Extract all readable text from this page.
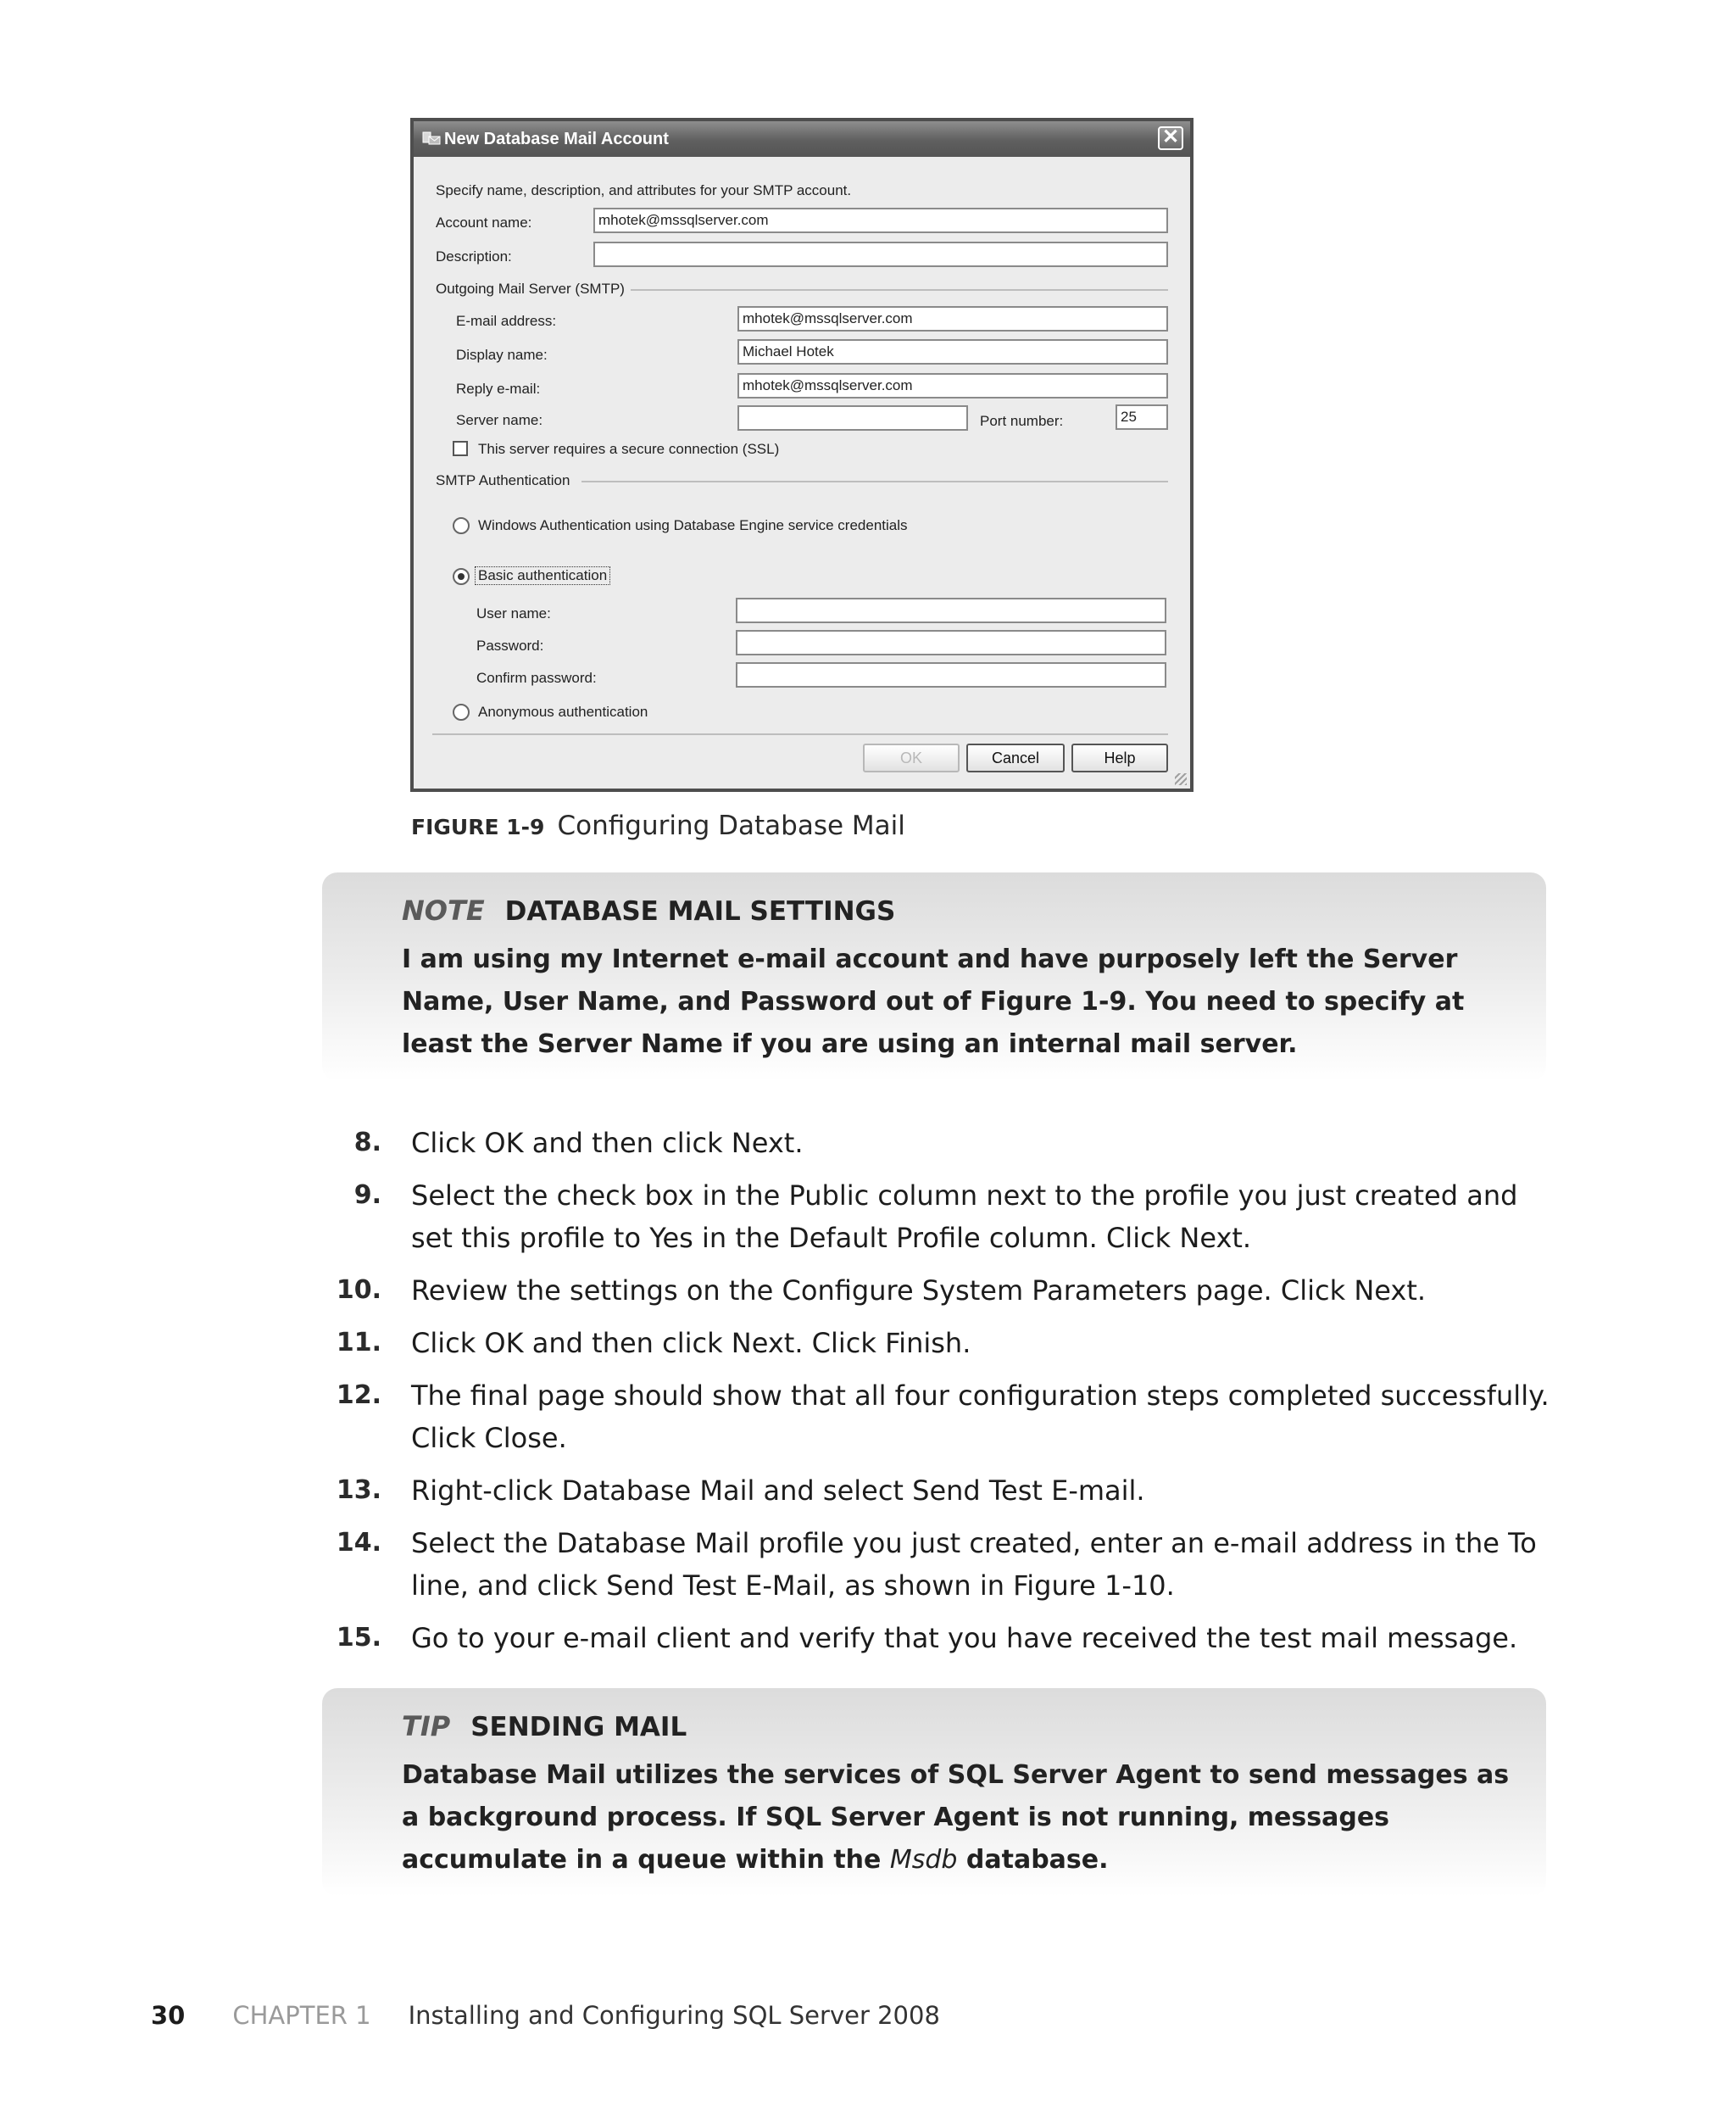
New Database Mail Account	✕
Specify name, description, and attributes for your SMTP account.
Account name:	mhotek@mssqlserver.com
Description:
Outgoing Mail Server (SMTP)
E-mail address:	mhotek@mssqlserver.com
Display name:	Michael Hotek
Reply e-mail:	mhotek@mssqlserver.com
Server name:	Port number:	25
This server requires a secure connection (SSL)
SMTP Authentication
Windows Authentication using Database Engine service credentials
Basic authentication
User name:
Password:
Confirm password:
Anonymous authentication
OK	Cancel	Help
FIGURE 1-9 Configuring Database Mail
NOTE DATABASE MAIL SETTINGS
I am using my Internet e-mail account and have purposely left the Server Name, User Name, and Password out of Figure 1-9. You need to specify at least the Server Name if you are using an internal mail server.
8. Click OK and then click Next.
9. Select the check box in the Public column next to the profile you just created and set this profile to Yes in the Default Profile column. Click Next.
10. Review the settings on the Configure System Parameters page. Click Next.
11. Click OK and then click Next. Click Finish.
12. The final page should show that all four configuration steps completed successfully. Click Close.
13. Right-click Database Mail and select Send Test E-mail.
14. Select the Database Mail profile you just created, enter an e-mail address in the To line, and click Send Test E-Mail, as shown in Figure 1-10.
15. Go to your e-mail client and verify that you have received the test mail message.
TIP SENDING MAIL
Database Mail utilizes the services of SQL Server Agent to send messages as a background process. If SQL Server Agent is not running, messages accumulate in a queue within the Msdb database.
30 CHAPTER 1 Installing and Configuring SQL Server 2008
